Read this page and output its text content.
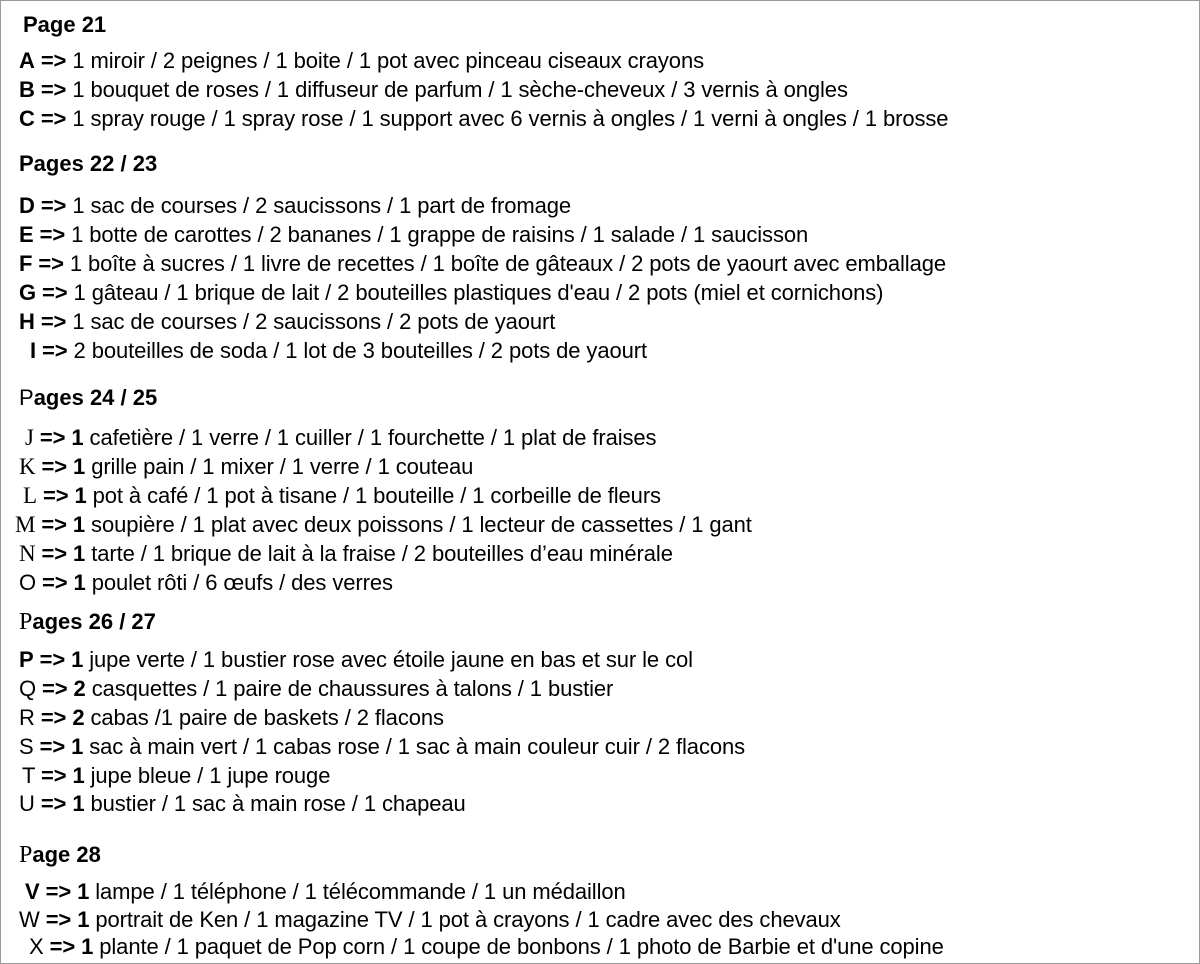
Page 21
A => 1 miroir / 2 peignes / 1 boite / 1 pot avec pinceau ciseaux crayons
B => 1 bouquet de roses / 1 diffuseur de parfum / 1 sèche-cheveux / 3 vernis à ongles
C => 1 spray rouge / 1 spray rose / 1 support avec 6 vernis à ongles / 1 verni à ongles / 1 brosse
Pages 22 / 23
D => 1 sac de courses / 2 saucissons / 1 part de fromage
E => 1 botte de carottes / 2 bananes / 1 grappe de raisins / 1 salade / 1 saucisson
F => 1 boîte à sucres / 1 livre de recettes / 1 boîte de gâteaux / 2 pots de yaourt avec emballage
G => 1 gâteau / 1 brique de lait / 2 bouteilles plastiques d'eau / 2 pots (miel et cornichons)
H => 1 sac de courses / 2 saucissons / 2 pots de yaourt
I => 2 bouteilles de soda / 1 lot de 3 bouteilles / 2 pots de yaourt
Pages 24 / 25
J => 1 cafetière / 1 verre / 1 cuiller / 1 fourchette / 1 plat de fraises
K => 1 grille pain / 1 mixer / 1 verre / 1 couteau
L => 1 pot à café / 1 pot à tisane / 1 bouteille / 1 corbeille de fleurs
M => 1 soupière / 1 plat avec deux poissons / 1 lecteur de cassettes / 1 gant
N => 1 tarte / 1 brique de lait à la fraise / 2 bouteilles d’eau minérale
O => 1 poulet rôti / 6 œufs / des verres
Pages 26 / 27
P => 1 jupe verte / 1 bustier rose avec étoile jaune en bas et sur le col
Q => 2 casquettes / 1 paire de chaussures à talons / 1 bustier
R => 2 cabas /1 paire de baskets / 2 flacons
S => 1 sac à main vert / 1 cabas rose / 1 sac à main couleur cuir / 2 flacons
T => 1 jupe bleue / 1 jupe rouge
U => 1 bustier / 1 sac à main rose / 1 chapeau
Page 28
V => 1 lampe / 1 téléphone / 1 télécommande / 1 un médaillon
W => 1 portrait de Ken / 1 magazine TV / 1 pot à crayons / 1 cadre avec des chevaux
X => 1 plante / 1 paquet de Pop corn / 1 coupe de bonbons / 1 photo de Barbie et d'une copine
